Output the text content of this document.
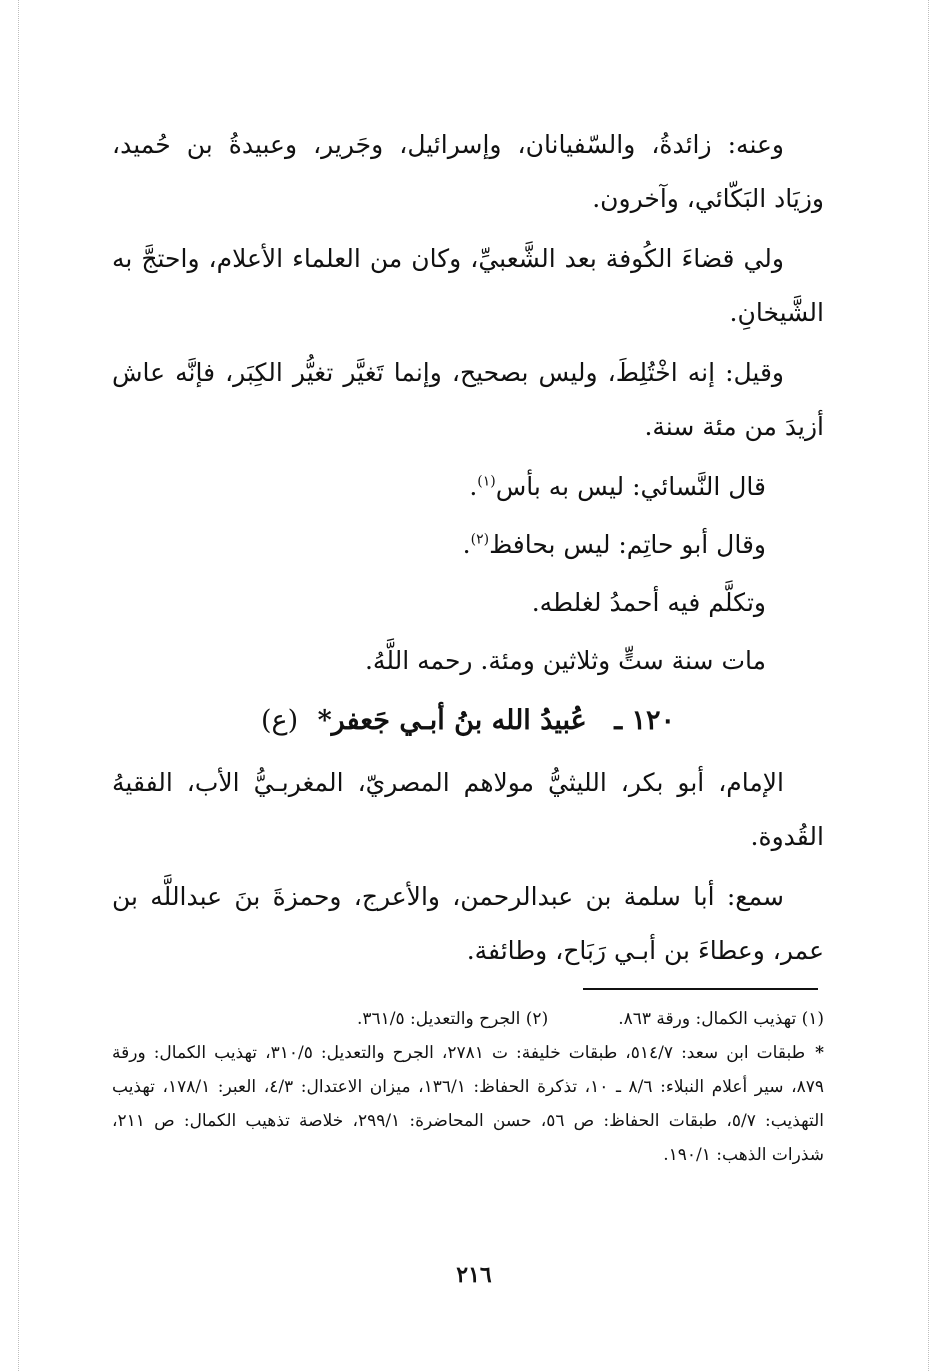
وعنه: زائدةُ، والسّفيانان، وإسرائيل، وجَرير، وعبيدةُ بن حُميد، وزيَاد البَكّائي، وآخرون.

ولي قضاءَ الكُوفة بعد الشَّعبيِّ، وكان من العلماء الأعلام، واحتجَّ به الشَّيخانِ.

وقيل: إنه اخْتُلِطَ، وليس بصحيح، وإنما تَغيَّر تغيُّر الكِبَر، فإنَّه عاش أزيدَ من مئة سنة.

قال النَّسائي: ليس به بأس$^{(١)}$.

وقال أبو حاتِم: ليس بحافظ$^{(٢)}$.

وتكلَّم فيه أحمدُ لغلطه.

مات سنة ستٍّ وثلاثين ومئة. رحمه اللَّهُ.

١٢٠ ـ عُبيدُ الله بنُ أبـي جَعفر* (ع)

الإمام، أبو بكر، الليثيُّ مولاهم المصريّ، المغربـيُّ الأب، الفقيهُ القُدوة.

سمع: أبا سلمة بن عبدالرحمن، والأعرج، وحمزةَ بنَ عبداللَّه بن عمر، وعطاءَ بن أبـي رَبَاح، وطائفة.

(١) تهذيب الكمال: ورقة ٨٦٣.
(٢) الجرح والتعديل: ٣٦١/٥.
*طبقات ابن سعد: ٥١٤/٧، طبقات خليفة: ت ٢٧٨١، الجرح والتعديل: ٣١٠/٥، تهذيب الكمال: ورقة ٨٧٩، سير أعلام النبلاء: ٨/٦ ـ ١٠، تذكرة الحفاظ: ١٣٦/١، ميزان الاعتدال: ٤/٣، العبر: ١٧٨/١، تهذيب التهذيب: ٥/٧، طبقات الحفاظ: ص ٥٦، حسن المحاضرة: ٢٩٩/١، خلاصة تذهيب الكمال: ص ٢١١، شذرات الذهب: ١٩٠/١.
٢١٦
